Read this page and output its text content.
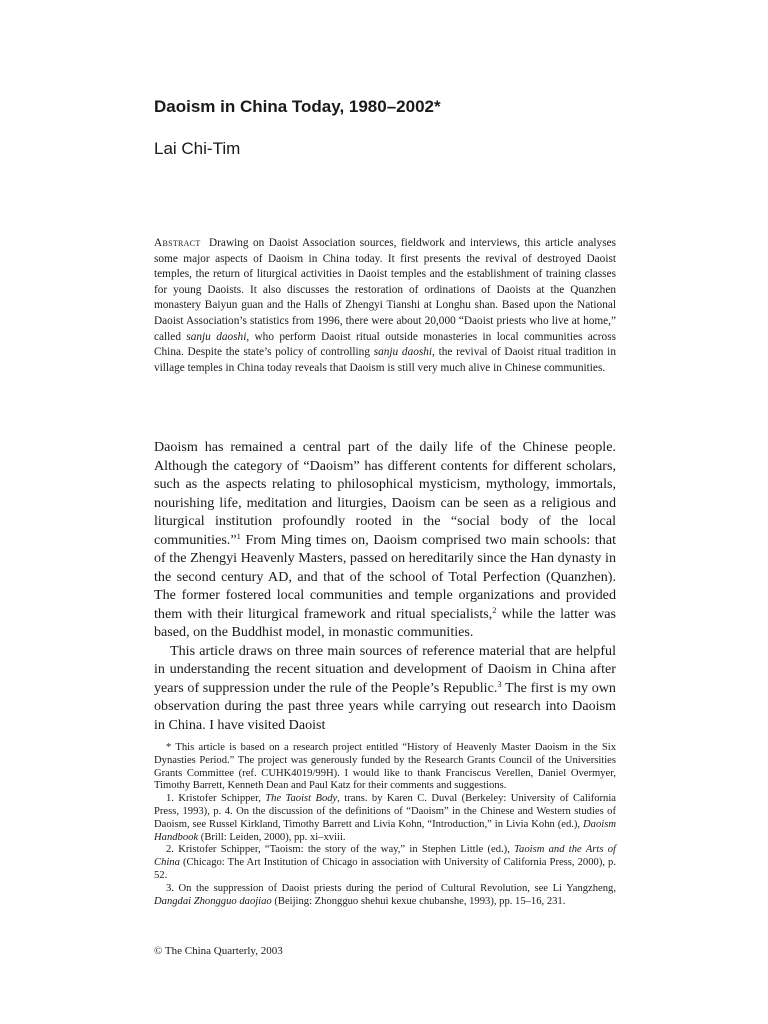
Daoism in China Today, 1980–2002*

Lai Chi-Tim

Abstract Drawing on Daoist Association sources, fieldwork and interviews, this article analyses some major aspects of Daoism in China today. It first presents the revival of destroyed Daoist temples, the return of liturgical activities in Daoist temples and the establishment of training classes for young Daoists. It also discusses the restoration of ordinations of Daoists at the Quanzhen monastery Baiyun guan and the Halls of Zhengyi Tianshi at Longhu shan. Based upon the National Daoist Association’s statistics from 1996, there were about 20,000 “Daoist priests who live at home,” called sanju daoshi, who perform Daoist ritual outside monasteries in local communities across China. Despite the state’s policy of controlling sanju daoshi, the revival of Daoist ritual tradition in village temples in China today reveals that Daoism is still very much alive in Chinese communities.

Daoism has remained a central part of the daily life of the Chinese people. Although the category of “Daoism” has different contents for different scholars, such as the aspects relating to philosophical mysticism, mythology, immortals, nourishing life, meditation and liturgies, Daoism can be seen as a religious and liturgical institution profoundly rooted in the “social body of the local communities.”$^1$ From Ming times on, Daoism comprised two main schools: that of the Zhengyi Heavenly Masters, passed on hereditarily since the Han dynasty in the second century AD, and that of the school of Total Perfection (Quanzhen). The former fostered local communities and temple organizations and provided them with their liturgical framework and ritual specialists,$^2$ while the latter was based, on the Buddhist model, in monastic communities.

This article draws on three main sources of reference material that are helpful in understanding the recent situation and development of Daoism in China after years of suppression under the rule of the People’s Republic.$^3$ The first is my own observation during the past three years while carrying out research into Daoism in China. I have visited Daoist

* This article is based on a research project entitled “History of Heavenly Master Daoism in the Six Dynasties Period.” The project was generously funded by the Research Grants Council of the Universities Grants Committee (ref. CUHK4019/99H). I would like to thank Franciscus Verellen, Daniel Overmyer, Timothy Barrett, Kenneth Dean and Paul Katz for their comments and suggestions.

1. Kristofer Schipper, The Taoist Body, trans. by Karen C. Duval (Berkeley: University of California Press, 1993), p. 4. On the discussion of the definitions of “Daoism” in the Chinese and Western studies of Daoism, see Russel Kirkland, Timothy Barrett and Livia Kohn, “Introduction,” in Livia Kohn (ed.), Daoism Handbook (Brill: Leiden, 2000), pp. xi–xviii.

2. Kristofer Schipper, “Taoism: the story of the way,” in Stephen Little (ed.), Taoism and the Arts of China (Chicago: The Art Institution of Chicago in association with University of California Press, 2000), p. 52.

3. On the suppression of Daoist priests during the period of Cultural Revolution, see Li Yangzheng, Dangdai Zhongguo daojiao (Beijing: Zhongguo shehui kexue chubanshe, 1993), pp. 15–16, 231.

© The China Quarterly, 2003
